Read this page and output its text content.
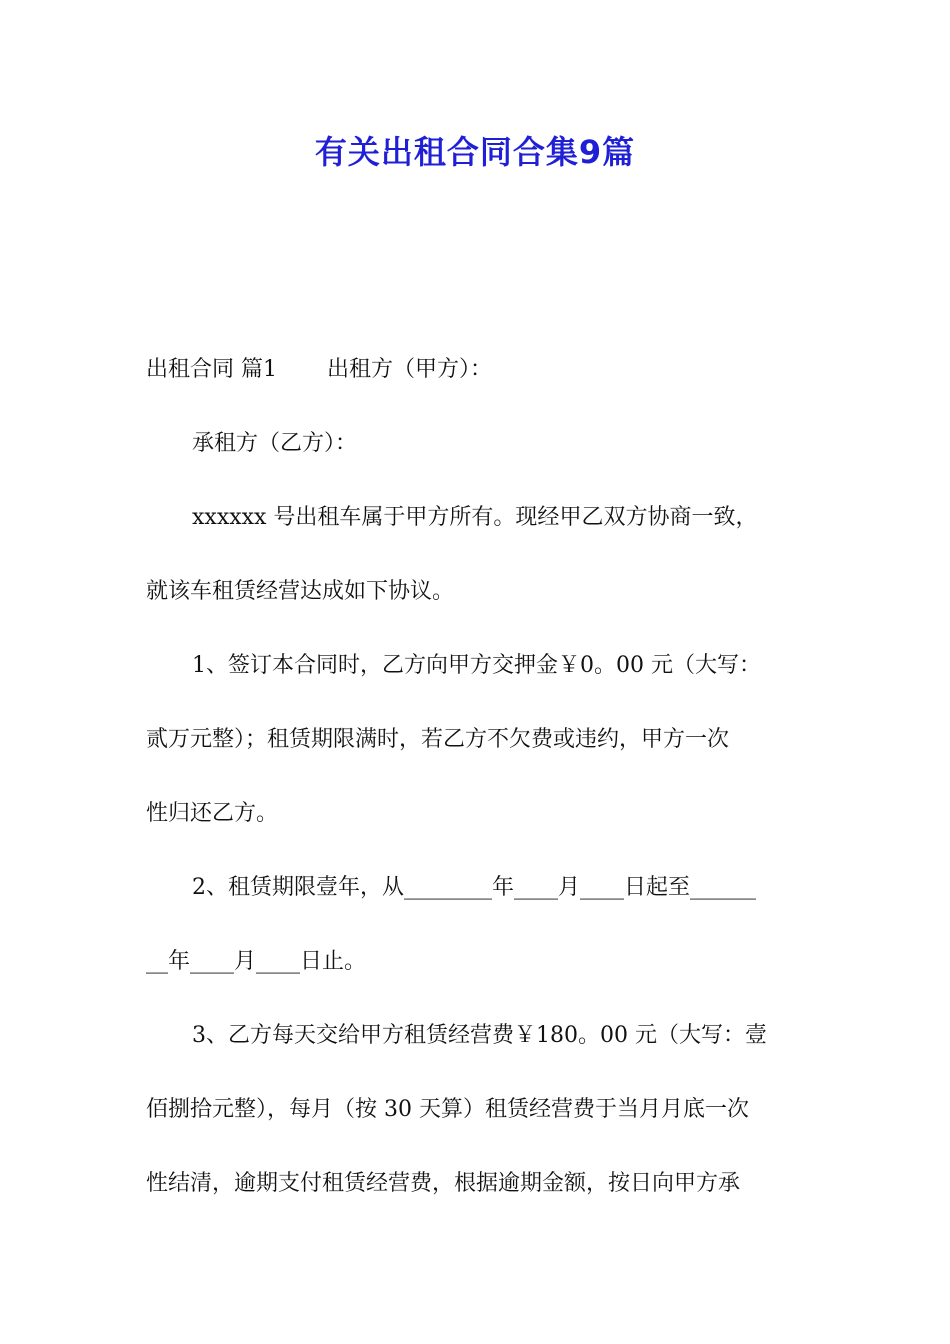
有关出租合同合集9篇
出租合同 篇1 出租方（甲方）：
承租方（乙方）：
xxxxxx 号出租车属于甲方所有。现经甲乙双方协商一致，
就该车租赁经营达成如下协议。
1、签订本合同时，乙方向甲方交押金￥0。00 元（大写：
贰万元整）；租赁期限满时，若乙方不欠费或违约，甲方一次
性归还乙方。
2、租赁期限壹年，从________年____月____日起至______
__年____月____日止。
3、乙方每天交给甲方租赁经营费￥180。00 元（大写：壹
佰捌拾元整），每月（按 30 天算）租赁经营费于当月月底一次
性结清，逾期支付租赁经营费，根据逾期金额，按日向甲方承
